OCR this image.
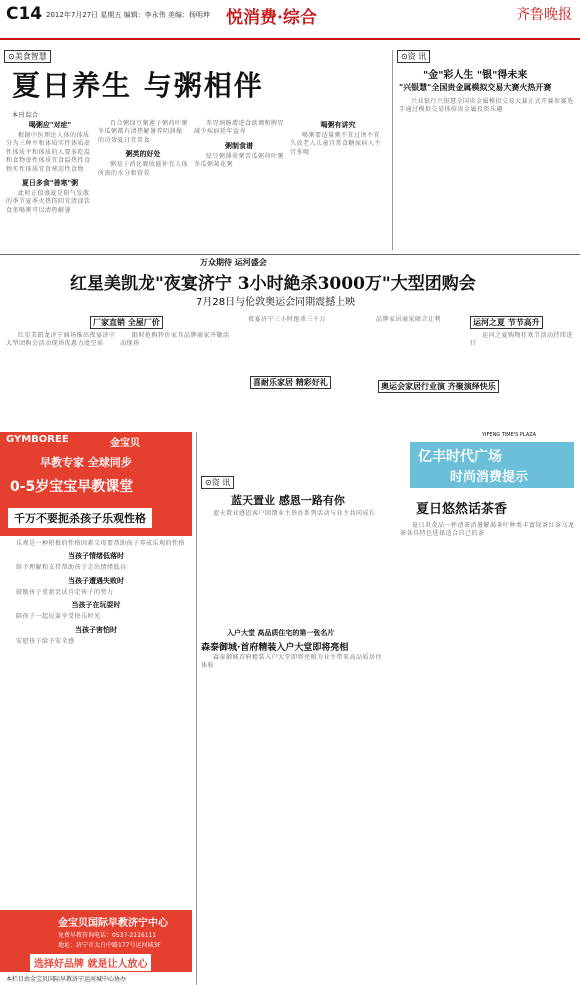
C14 2012年7月27日 星期五 编辑：李永伟 美编：杨明坤 悦消费·综合	齐鲁晚报
⊙美食智慧
夏日养生 与粥相伴
本刊 综合
喝粥应"对症"

根据中医理论人体的体质分为三种平和体质实性体质虚性体质平和体质的人要多吃温和食物虚性体质宜食温热性食物实性体质宜食寒凉性食物

夏日多食"善寒"粥

此时正值盛夏是阳气发散的季节夏季火热伤阴宜清淡饮食多喝粥可以清热解暑

百合粥绿豆粥莲子粥荷叶粥冬瓜粥都有清热解暑养阴润燥的功效夏日宜常食

粥类的好处

粥易于消化吸收能补充人体所需的水分和营养

养胃润肠增进食欲调和脾胃减少疾病延年益寿

粥制食谱

绿豆粥薄荷粥苦瓜粥荷叶粥冬瓜粥菊花粥

喝粥有讲究

喝粥要适量粥不宜过烫不宜久放老人儿童宜常食糖尿病人不宜多喝

⊙资 讯
"金"彩人生 "银"得未来
"兴银慧"全国贵金属模拟交易大赛火热开赛

兴业银行兴银慧全国贵金属模拟交易大赛正式开赛参赛选手通过模拟交易体验贵金属投资乐趣

万众期待 运河盛会
红星美凯龙"夜宴济宁 3小时絶杀3000万"大型团购会
7月28日与伦敦奥运会同期震撼上映
喜耐乐家居 精彩好礼
厂家直销 全屋厂价
奥运会家居行业演 齐聚演绎快乐
运河之夏 节节高升

红星美凯龙济宁商场推出夜宴济宁大型团购会活动现场优惠力度空前

限时抢购特价家具品牌商家齐聚活动现场

夜宴济宁三小时绝杀三千万	品牌家居商家联合让利

运河之夏购物狂欢节活动持续进行

GYMBOREE	金宝贝
早教专家 全球同步
0-5岁宝宝早教课堂
千万不要扼杀孩子乐观性格

乐观是一种积极的性格因素父母要帮助孩子养成乐观的性格

当孩子情绪低落时

给予理解和支持帮助孩子走出情绪低谷

当孩子遭遇失败时

鼓励孩子重新尝试肯定孩子的努力

当孩子在玩耍时

陪孩子一起玩耍享受快乐时光

当孩子害怕时

安慰孩子给予安全感

金宝贝国际早教济宁中心
免费早教咨询电话：0537-2116111
地址：济宁市太白中路177号运河城3F
选择好品牌 就是让人放心
本栏目由金宝贝国际早教济宁运河城中心协办
⊙资 讯
蓝天置业 感恩一路有你

蓝天置业感恩客户回馈业主举办系列活动与业主共同成长

入户大堂 高品质住宅的第一张名片
森泰御城·首府精装入户大堂即将亮相

森泰御城首府精装入户大堂即将亮相为业主带来高品质居住体验

YIFENG TIME'S PLAZA
亿丰时代广场
时尚消费提示
夏日悠然话茶香

夏日炎炎品一杯清茶消暑解渴茶叶种类丰富绿茶红茶乌龙茶各具特色选择适合自己的茶
